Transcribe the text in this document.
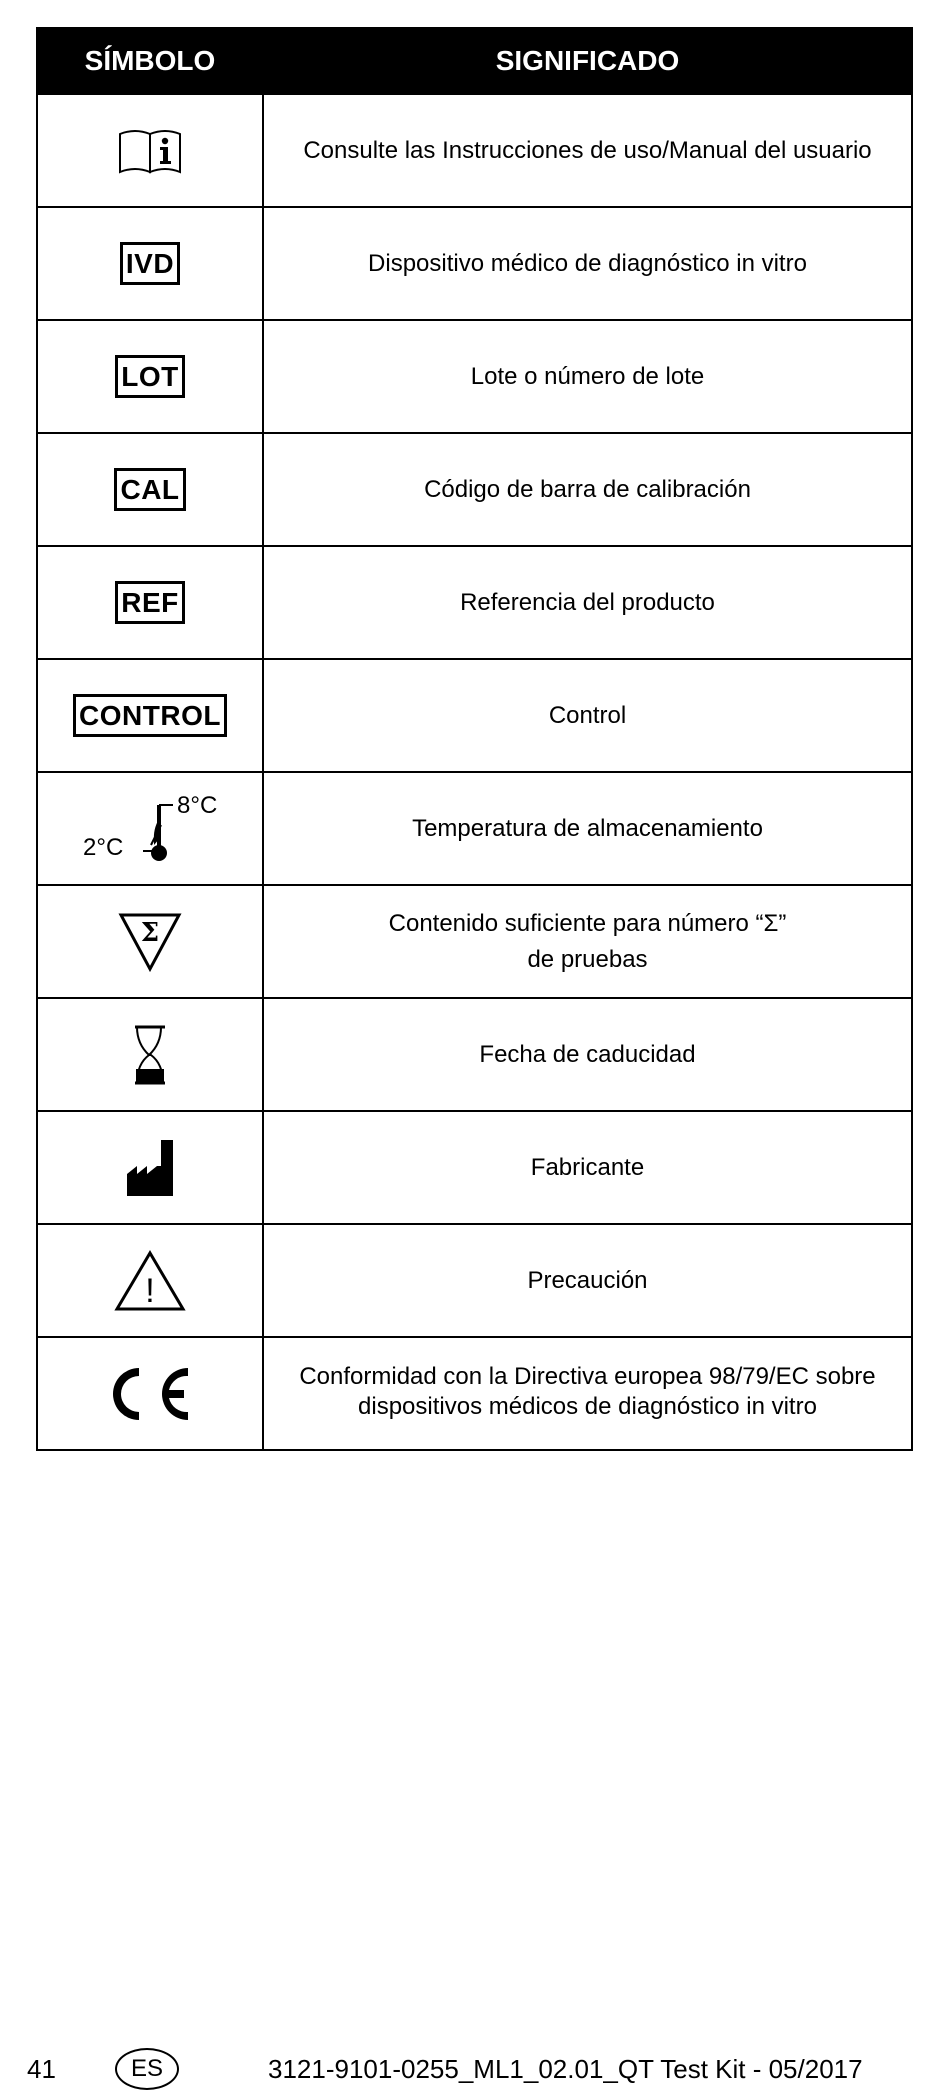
SÍMBOLO	SIGNIFICADO

	Consulte las Instrucciones de uso/Manual del usuario
IVD	Dispositivo médico de diagnóstico in vitro
LOT	Lote o número de lote
CAL	Código de barra de calibración
REF	Referencia del producto
CONTROL	Control

8°C
2°C	Temperatura de almacenamiento

Σ	Contenido suficiente para número “Σ”
de pruebas

	Fecha de caducidad

	Fabricante

!	Precaución

	Conformidad con la Directiva europea 98/79/EC sobre
dispositivos médicos de diagnóstico in vitro
41	ES	3121-9101-0255_ML1_02.01_QT Test Kit - 05/2017
